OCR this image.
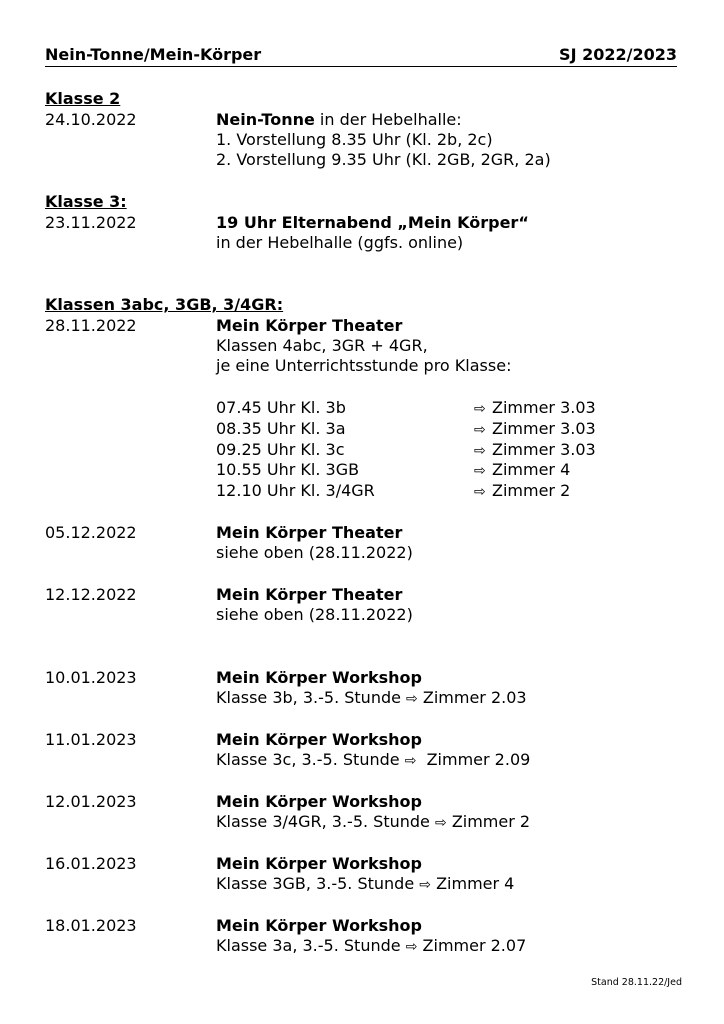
Nein-Tonne/Mein-Körper	SJ 2022/2023
Klasse 2
24.10.2022	Nein-Tonne in der Hebelhalle:
1. Vorstellung 8.35 Uhr (Kl. 2b, 2c)
2. Vorstellung 9.35 Uhr (Kl. 2GB, 2GR, 2a)
Klasse 3:
23.11.2022	19 Uhr Elternabend „Mein Körper“
in der Hebelhalle (ggfs. online)
Klassen 3abc, 3GB, 3/4GR:
28.11.2022	Mein Körper Theater
Klassen 4abc, 3GR + 4GR,
je eine Unterrichtsstunde pro Klasse:
07.45 Uhr Kl. 3b	⇨ Zimmer 3.03
08.35 Uhr Kl. 3a	⇨ Zimmer 3.03
09.25 Uhr Kl. 3c	⇨ Zimmer 3.03
10.55 Uhr Kl. 3GB	⇨ Zimmer 4
12.10 Uhr Kl. 3/4GR	⇨ Zimmer 2
05.12.2022	Mein Körper Theater
siehe oben (28.11.2022)
12.12.2022	Mein Körper Theater
siehe oben (28.11.2022)
10.01.2023	Mein Körper Workshop
Klasse 3b, 3.-5. Stunde ⇨ Zimmer 2.03
11.01.2023	Mein Körper Workshop
Klasse 3c, 3.-5. Stunde ⇨ Zimmer 2.09
12.01.2023	Mein Körper Workshop
Klasse 3/4GR, 3.-5. Stunde ⇨ Zimmer 2
16.01.2023	Mein Körper Workshop
Klasse 3GB, 3.-5. Stunde ⇨ Zimmer 4
18.01.2023	Mein Körper Workshop
Klasse 3a, 3.-5. Stunde ⇨ Zimmer 2.07
Stand 28.11.22/Jed
